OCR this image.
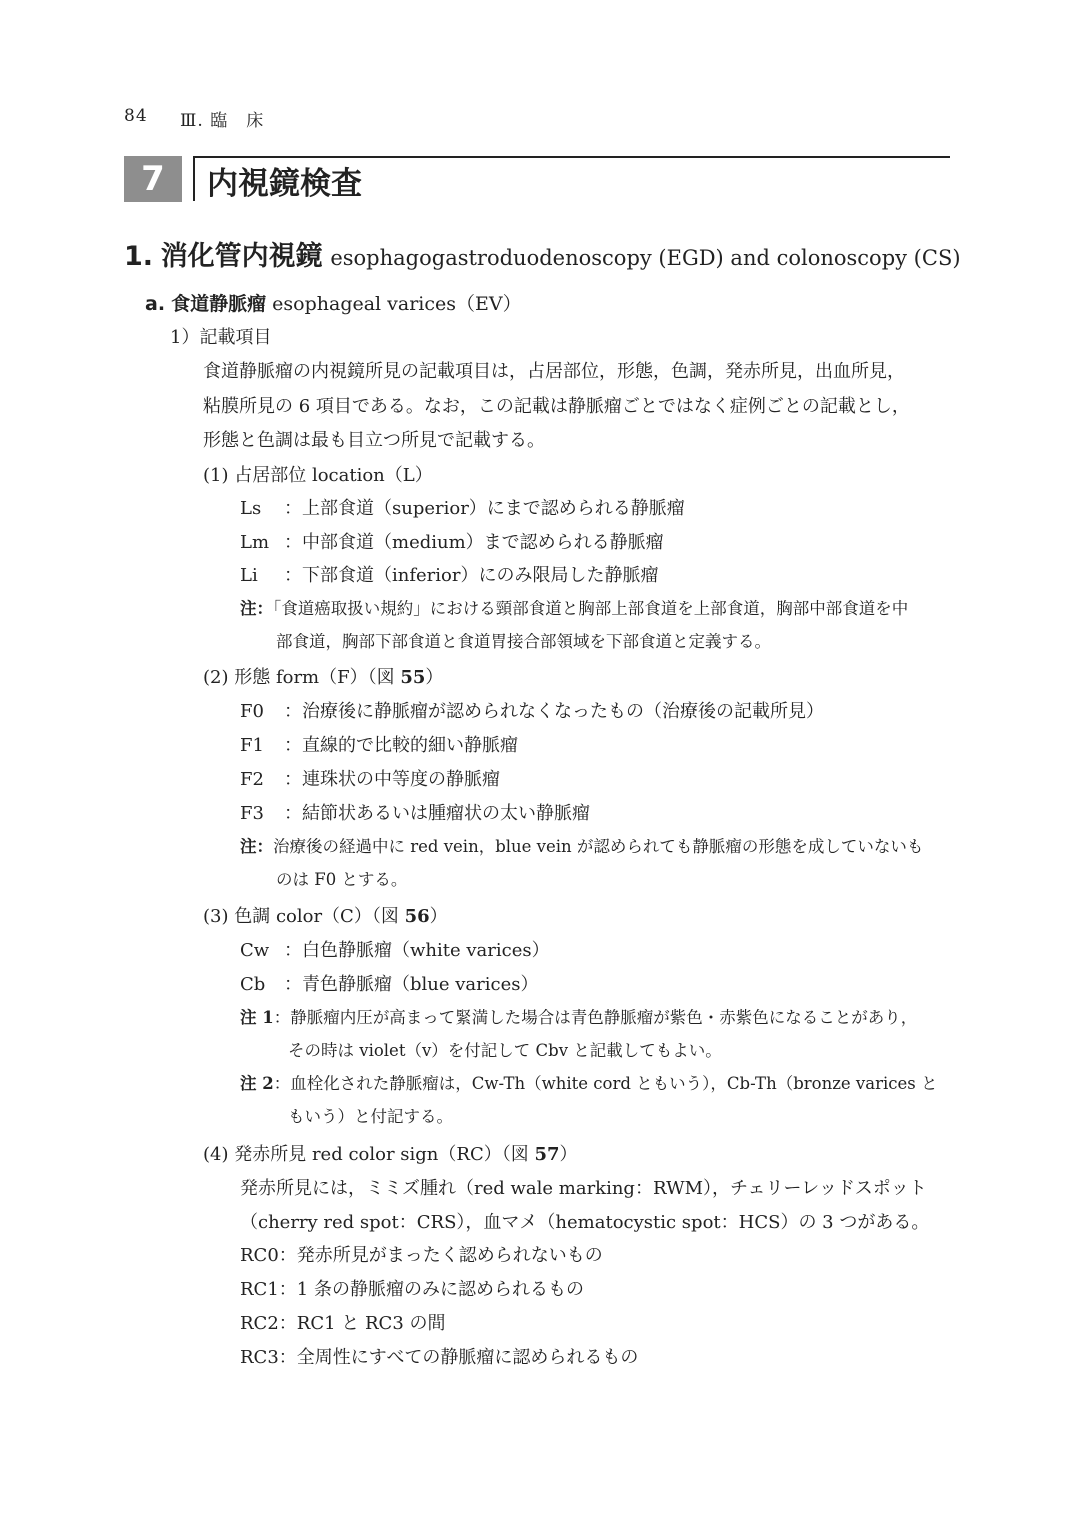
84 Ⅲ. 臨　床
7	内視鏡検査
1. 消化管内視鏡 esophagogastroduodenoscopy (EGD) and colonoscopy (CS)
a. 食道静脈瘤 esophageal varices（EV）
1）記載項目
食道静脈瘤の内視鏡所見の記載項目は，占居部位，形態，色調，発赤所見，出血所見，
粘膜所見の 6 項目である。なお，この記載は静脈瘤ごとではなく症例ごとの記載とし，
形態と色調は最も目立つ所見で記載する。
(1) 占居部位 location（L）
Ls ：上部食道（superior）にまで認められる静脈瘤
Lm ：中部食道（medium）まで認められる静脈瘤
Li ：下部食道（inferior）にのみ限局した静脈瘤
注：「食道癌取扱い規約」における頸部食道と胸部上部食道を上部食道，胸部中部食道を中
部食道，胸部下部食道と食道胃接合部領域を下部食道と定義する。
(2) 形態 form（F）（図 55）
F0 ：治療後に静脈瘤が認められなくなったもの（治療後の記載所見）
F1 ：直線的で比較的細い静脈瘤
F2 ：連珠状の中等度の静脈瘤
F3 ：結節状あるいは腫瘤状の太い静脈瘤
注：治療後の経過中に red vein，blue vein が認められても静脈瘤の形態を成していないも
のは F0 とする。
(3) 色調 color（C）（図 56）
Cw ：白色静脈瘤（white varices）
Cb ：青色静脈瘤（blue varices）
注 1：静脈瘤内圧が高まって緊満した場合は青色静脈瘤が紫色・赤紫色になることがあり，
その時は violet（v）を付記して Cbv と記載してもよい。
注 2：血栓化された静脈瘤は，Cw-Th（white cord ともいう），Cb-Th（bronze varices と
もいう）と付記する。
(4) 発赤所見 red color sign（RC）（図 57）
発赤所見には，ミミズ腫れ（red wale marking：RWM），チェリーレッドスポット
（cherry red spot：CRS），血マメ（hematocystic spot：HCS）の 3 つがある。
RC0：発赤所見がまったく認められないもの
RC1：1 条の静脈瘤のみに認められるもの
RC2：RC1 と RC3 の間
RC3：全周性にすべての静脈瘤に認められるもの
